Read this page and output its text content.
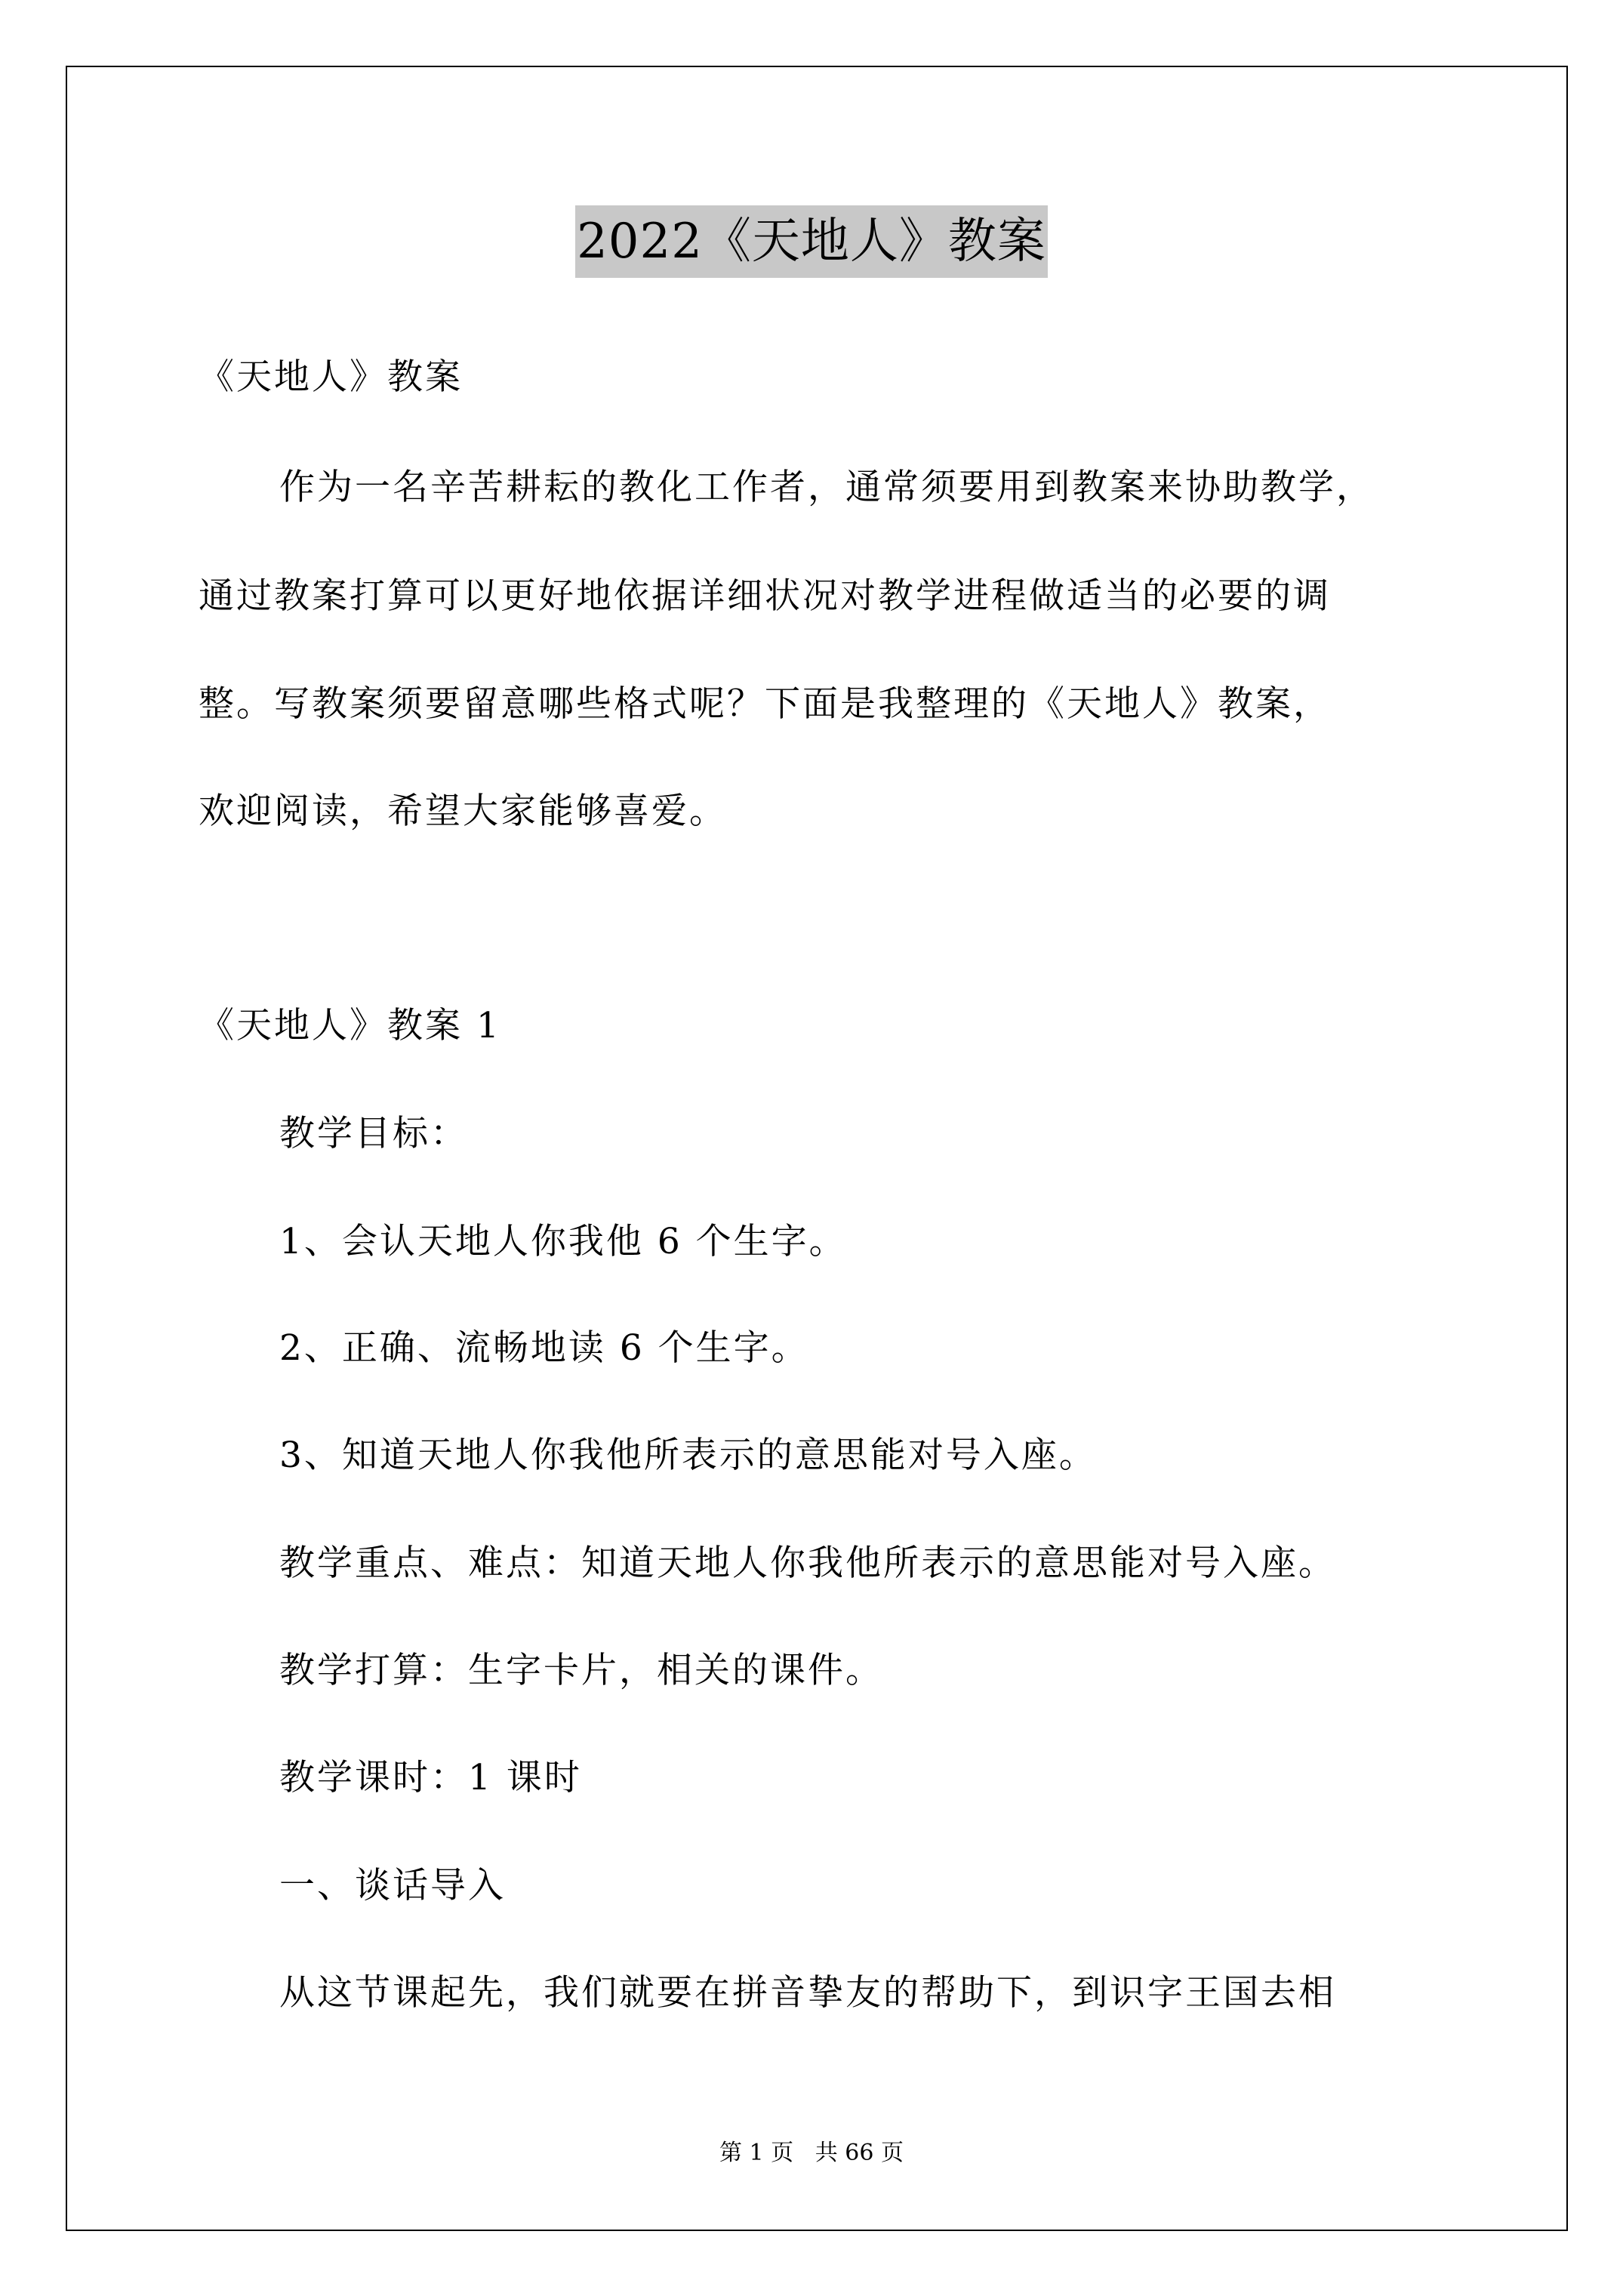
2022《天地人》教案
《天地人》教案
作为一名辛苦耕耘的教化工作者，通常须要用到教案来协助教学，
通过教案打算可以更好地依据详细状况对教学进程做适当的必要的调
整。写教案须要留意哪些格式呢？下面是我整理的《天地人》教案，
欢迎阅读，希望大家能够喜爱。
《天地人》教案 1
教学目标：
1、会认天地人你我他 6 个生字。
2、正确、流畅地读 6 个生字。
3、知道天地人你我他所表示的意思能对号入座。
教学重点、难点：知道天地人你我他所表示的意思能对号入座。
教学打算：生字卡片，相关的课件。
教学课时：1 课时
一、谈话导入
从这节课起先，我们就要在拼音挚友的帮助下，到识字王国去相
第 1 页   共 66 页
